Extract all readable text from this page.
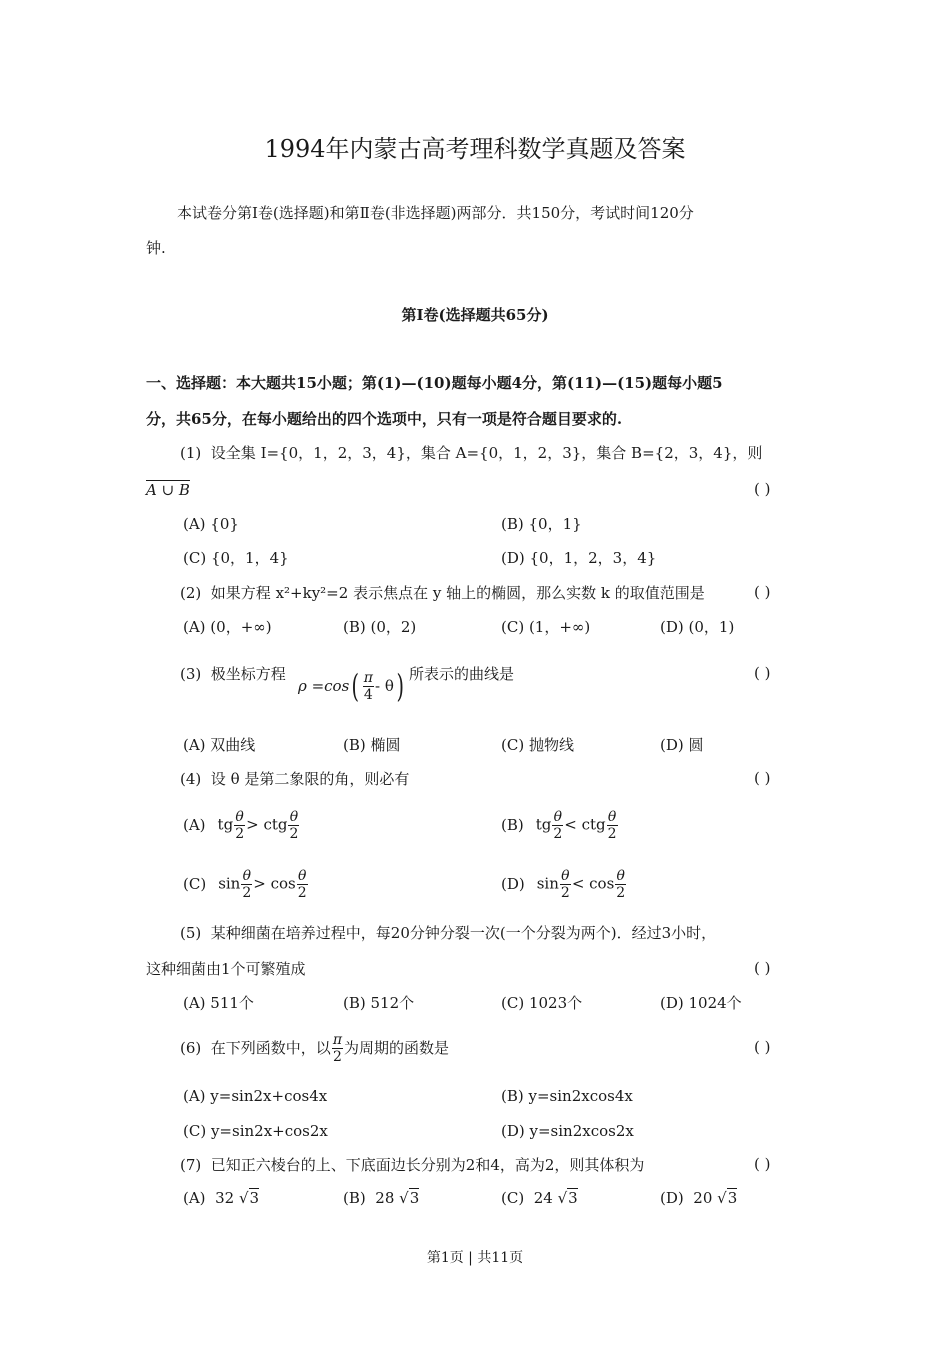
1994年内蒙古高考理科数学真题及答案
本试卷分第Ⅰ卷(选择题)和第Ⅱ卷(非选择题)两部分．共150分，考试时间120分
钟.
第Ⅰ卷(选择题共65分)
一、选择题：本大题共15小题；第(1)—(10)题每小题4分，第(11)—(15)题每小题5
分，共65分，在每小题给出的四个选项中，只有一项是符合题目要求的.
(1) 设全集 I={0，1，2，3，4}，集合 A={0，1，2，3}，集合 B={2，3，4}，则
A ∪ B	( )
(A) {0}	(B) {0，1}
(C) {0，1，4}	(D) {0，1，2，3，4}
(2) 如果方程 x²+ky²=2 表示焦点在 y 轴上的椭圆，那么实数 k 的取值范围是	( )
(A) (0，+∞)	(B) (0，2)	(C) (1，+∞)	(D) (0，1)
(3) 极坐标方程
ρ =cos ( $\frac{\pi}{4}$ - θ ) 所表示的曲线是	( )
(A) 双曲线	(B) 椭圆	(C) 抛物线	(D) 圆
(4) 设 θ 是第二象限的角，则必有	( )
(A) tg $\frac{\theta}{2}$ > ctg $\frac{\theta}{2}$	(B) tg $\frac{\theta}{2}$ < ctg $\frac{\theta}{2}$
(C) $\sin \frac{\theta}{2} > \cos \frac{\theta}{2}$	(D) $\sin \frac{\theta}{2} < \cos \frac{\theta}{2}$
(5) 某种细菌在培养过程中，每20分钟分裂一次(一个分裂为两个)．经过3小时，
这种细菌由1个可繁殖成	( )
(A) 511个	(B) 512个	(C) 1023个	(D) 1024个
(6)
在下列函数中，以 $\frac{\pi}{2}$ 为周期的函数是	( )
(A) y=sin2x+cos4x	(B) y=sin2xcos4x
(C) y=sin2x+cos2x	(D) y=sin2xcos2x
(7) 已知正六棱台的上、下底面边长分别为2和4，高为2，则其体积为	( )
(A) 32 √3	(B) 28 √3	(C) 24 √3	(D) 20 √3
第1页 | 共11页
